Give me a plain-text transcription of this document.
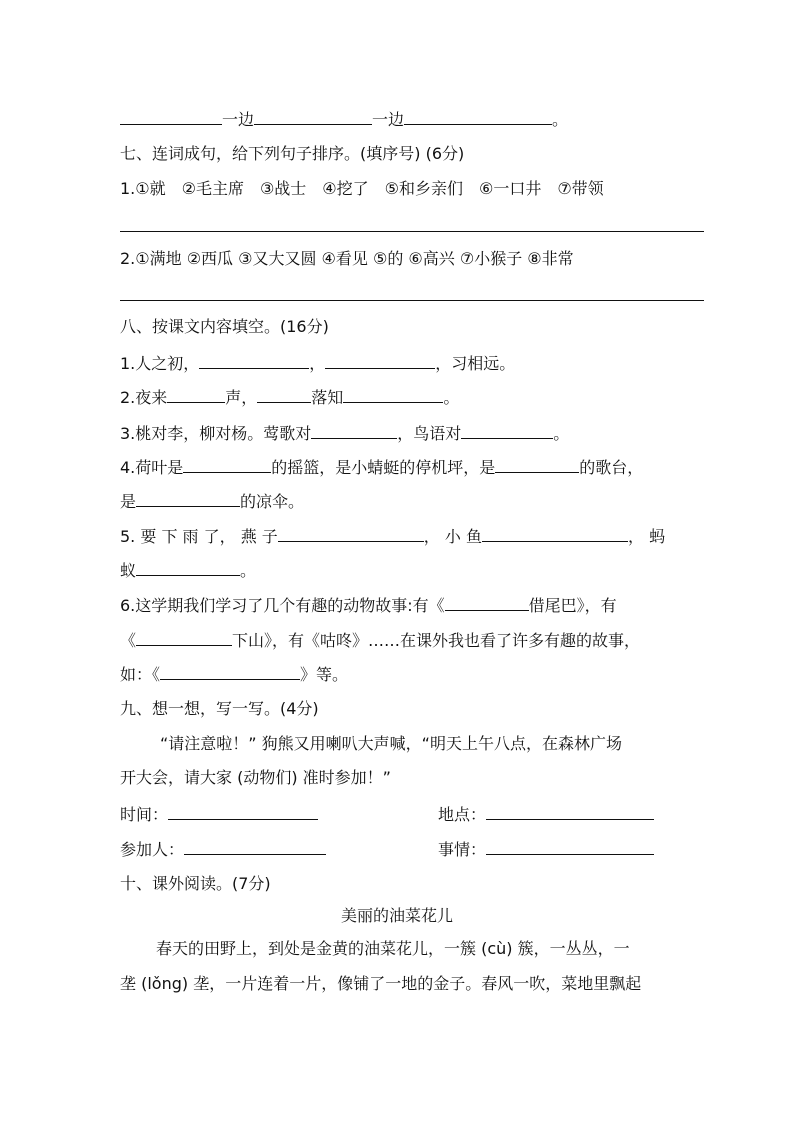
一边	一边	。
七、连词成句，给下列句子排序。(填序号) (6分)
1.①就　②毛主席　③战士　④挖了　⑤和乡亲们　⑥一口井　⑦带领
2.①满地 ②西瓜 ③又大又圆 ④看见 ⑤的 ⑥高兴 ⑦小猴子 ⑧非常
八、按课文内容填空。(16分)
1.人之初，	，	，习相远。
2.夜来	声，	落知	。
3.桃对李，柳对杨。莺歌对	，鸟语对	。
4.荷叶是	的摇篮，是小蜻蜓的停机坪，是	的歌台，
是	的凉伞。
5. 要 下 雨 了， 燕 子	， 小 鱼	， 蚂
蚁	。
6.这学期我们学习了几个有趣的动物故事:有《	借尾巴》，有
《	下山》，有《咕咚》……在课外我也看了许多有趣的故事，
如：《	》等。
九、想一想，写一写。(4分)
“请注意啦！” 狗熊又用喇叭大声喊，“明天上午八点，在森林广场
开大会，请大家 (动物们) 准时参加！”
时间：	地点：
参加人：	事情：
十、课外阅读。(7分)
美丽的油菜花儿
春天的田野上，到处是金黄的油菜花儿，一簇 (cù) 簇，一丛丛，一
垄 (lǒng) 垄，一片连着一片，像铺了一地的金子。春风一吹，菜地里飘起
